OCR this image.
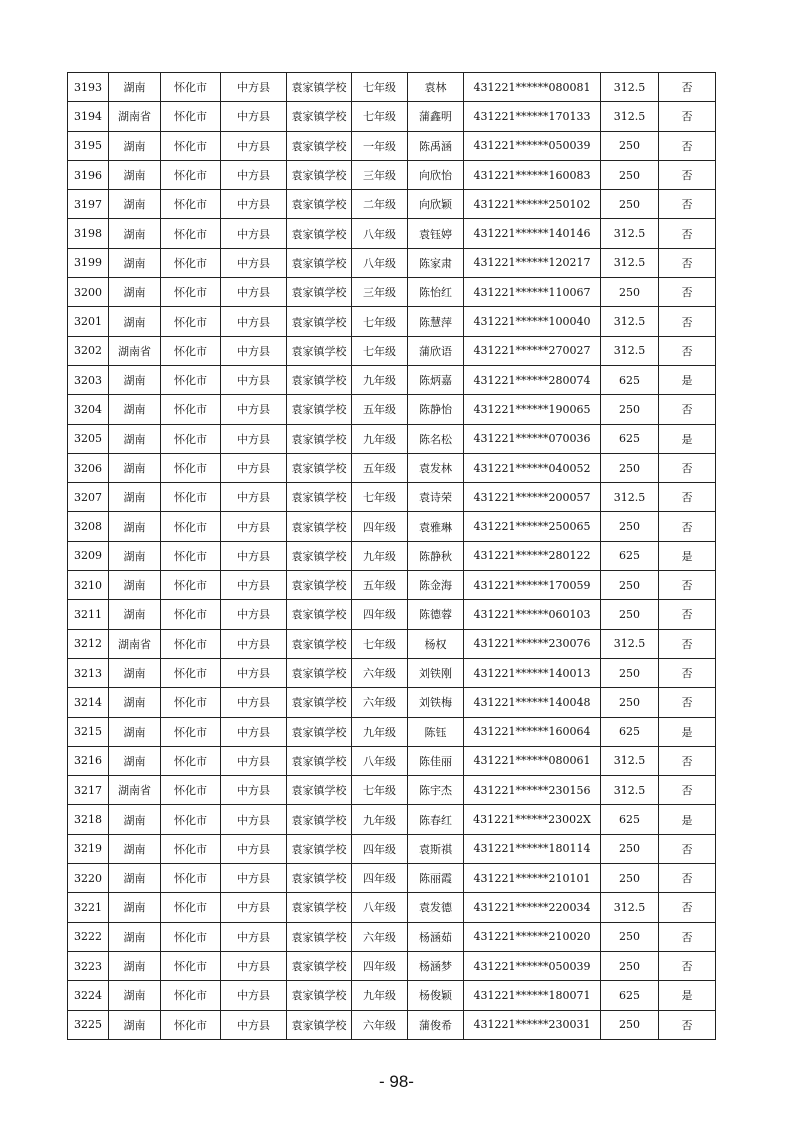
3193	湖南	怀化市	中方县	袁家镇学校	七年级	袁林	431221******080081	312.5	否
3194	湖南省	怀化市	中方县	袁家镇学校	七年级	蒲鑫明	431221******170133	312.5	否
3195	湖南	怀化市	中方县	袁家镇学校	一年级	陈禹涵	431221******050039	250	否
3196	湖南	怀化市	中方县	袁家镇学校	三年级	向欣怡	431221******160083	250	否
3197	湖南	怀化市	中方县	袁家镇学校	二年级	向欣颖	431221******250102	250	否
3198	湖南	怀化市	中方县	袁家镇学校	八年级	袁钰婷	431221******140146	312.5	否
3199	湖南	怀化市	中方县	袁家镇学校	八年级	陈家肃	431221******120217	312.5	否
3200	湖南	怀化市	中方县	袁家镇学校	三年级	陈怡红	431221******110067	250	否
3201	湖南	怀化市	中方县	袁家镇学校	七年级	陈慧萍	431221******100040	312.5	否
3202	湖南省	怀化市	中方县	袁家镇学校	七年级	蒲欣语	431221******270027	312.5	否
3203	湖南	怀化市	中方县	袁家镇学校	九年级	陈炳嘉	431221******280074	625	是
3204	湖南	怀化市	中方县	袁家镇学校	五年级	陈静怡	431221******190065	250	否
3205	湖南	怀化市	中方县	袁家镇学校	九年级	陈名松	431221******070036	625	是
3206	湖南	怀化市	中方县	袁家镇学校	五年级	袁发林	431221******040052	250	否
3207	湖南	怀化市	中方县	袁家镇学校	七年级	袁诗荣	431221******200057	312.5	否
3208	湖南	怀化市	中方县	袁家镇学校	四年级	袁雅琳	431221******250065	250	否
3209	湖南	怀化市	中方县	袁家镇学校	九年级	陈静秋	431221******280122	625	是
3210	湖南	怀化市	中方县	袁家镇学校	五年级	陈金海	431221******170059	250	否
3211	湖南	怀化市	中方县	袁家镇学校	四年级	陈德蓉	431221******060103	250	否
3212	湖南省	怀化市	中方县	袁家镇学校	七年级	杨权	431221******230076	312.5	否
3213	湖南	怀化市	中方县	袁家镇学校	六年级	刘铁刚	431221******140013	250	否
3214	湖南	怀化市	中方县	袁家镇学校	六年级	刘铁梅	431221******140048	250	否
3215	湖南	怀化市	中方县	袁家镇学校	九年级	陈钰	431221******160064	625	是
3216	湖南	怀化市	中方县	袁家镇学校	八年级	陈佳丽	431221******080061	312.5	否
3217	湖南省	怀化市	中方县	袁家镇学校	七年级	陈宇杰	431221******230156	312.5	否
3218	湖南	怀化市	中方县	袁家镇学校	九年级	陈春红	431221******23002X	625	是
3219	湖南	怀化市	中方县	袁家镇学校	四年级	袁斯祺	431221******180114	250	否
3220	湖南	怀化市	中方县	袁家镇学校	四年级	陈丽霞	431221******210101	250	否
3221	湖南	怀化市	中方县	袁家镇学校	八年级	袁发德	431221******220034	312.5	否
3222	湖南	怀化市	中方县	袁家镇学校	六年级	杨涵茹	431221******210020	250	否
3223	湖南	怀化市	中方县	袁家镇学校	四年级	杨涵梦	431221******050039	250	否
3224	湖南	怀化市	中方县	袁家镇学校	九年级	杨俊颖	431221******180071	625	是
3225	湖南	怀化市	中方县	袁家镇学校	六年级	蒲俊希	431221******230031	250	否
- 98-
